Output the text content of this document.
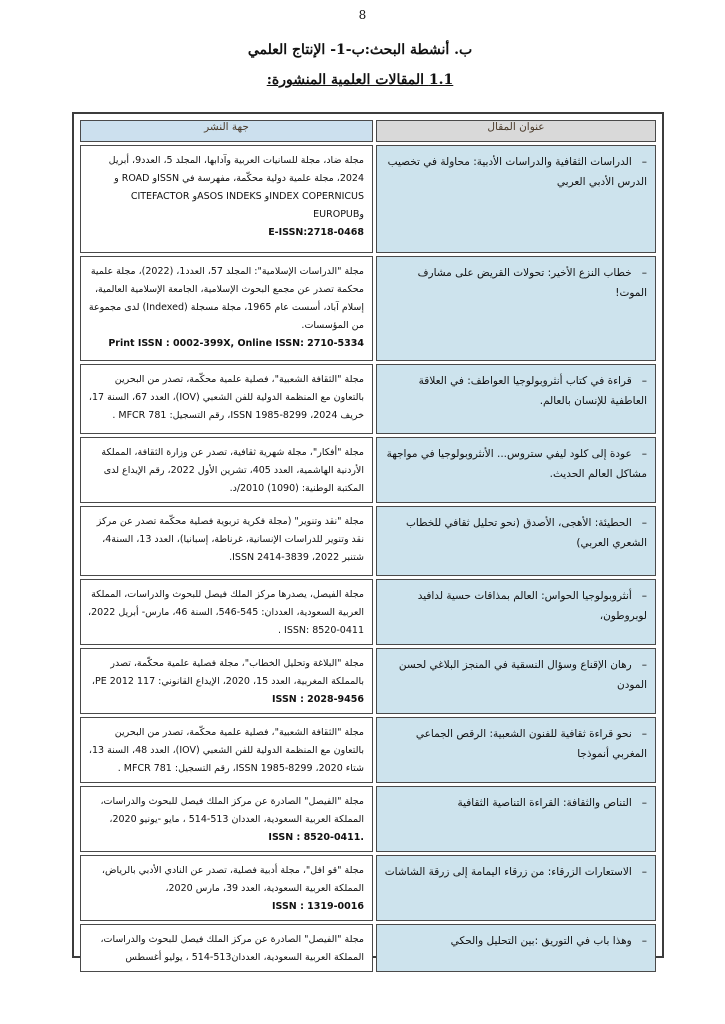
8
ب. أنشطة البحث:ب-1- الإنتاج العلمي
1.1 المقالات العلمية المنشورة:
عنوان المقال	جهة النشر
–الدراسات الثقافية والدراسات الأدبية: محاولة في تخصيب الدرس الأدبي العربي	مجلة ضاد، مجلة للسانيات العربية وآدابها، المجلد 5، العدد9، أبريل 2024، مجلة علمية دولية محكّمة، مفهرسة في ISSNو ROAD و INDEX COPERNICUSو ASOS INDEKSو CITEFACTOR وEUROPUB
E-ISSN:2718-0468

–خطاب النزع الأخير: تحولات القريض على مشارف الموت!	مجلة "الدراسات الإسلامية": المجلد 57، العدد1، (2022)، مجلة علمية محكمة تصدر عن مجمع البحوث الإسلامية، الجامعة الإسلامية العالمية، إسلام آباد، أسست عام 1965، مجلة مسجلة (Indexed) لدى مجموعة من المؤسسات.
Print ISSN : 0002-399X, Online ISSN: 2710-5334

–قراءة في كتاب أنثروبولوجيا العواطف: في العلاقة العاطفية للإنسان بالعالم.	مجلة "الثقافة الشعبية"، فصلية علمية محكّمة، تصدر من البحرين بالتعاون مع المنظمة الدولية للفن الشعبي (IOV)، العدد 67، السنة 17، خريف 2024، ISSN 1985-8299، رقم التسجيل: MFCR 781 .
–عودة إلى كلود ليفي ستروس... الأنثروبولوجيا في مواجهة مشاكل العالم الحديث.	مجلة "أفكار"، مجلة شهرية ثقافية، تصدر عن وزارة الثقافة، المملكة الأردنية الهاشمية، العدد 405، تشرين الأول 2022، رقم الإيداع لدى المكتبة الوطنية: (1090) 2010/د.
–الحطيئة: الأهجى، الأصدق (نحو تحليل ثقافي للخطاب الشعري العربي)	مجلة "نقد وتنوير" (مجلة فكرية تربوية فصلية محكّمة تصدر عن مركز نقد وتنوير للدراسات الإنسانية، غرناطة، إسبانيا)، العدد 13، السنة4، شتنبر 2022، ISSN 2414-3839.
–أنثروبولوجيا الحواس: العالم بمذاقات حسية لدافيد لوبروطون،	مجلة الفيصل، يصدرها مركز الملك فيصل للبحوث والدراسات، المملكة العربية السعودية، العددان: 545-546، السنة 46، مارس- أبريل 2022، ISSN: 8520-0411 .
–رهان الإقناع وسؤال النسقية في المنجز البلاغي لحسن المودن	مجلة "البلاغة وتحليل الخطاب"، مجلة فصلية علمية محكّمة، تصدر بالمملكة المغربية، العدد 15، 2020، الإيداع القانوني: 117 2012 PE،
ISSN : 2028-9456

–نحو قراءة ثقافية للفنون الشعبية: الرقص الجماعي المغربي أنموذجا	مجلة "الثقافة الشعبية"، فصلية علمية محكّمة، تصدر من البحرين بالتعاون مع المنظمة الدولية للفن الشعبي (IOV)، العدد 48، السنة 13، شتاء 2020، ISSN 1985-8299، رقم التسجيل: MFCR 781 .
–التناص والثقافة: القراءة التناصية الثقافية	مجلة "الفيصل" الصادرة عن مركز الملك فيصل للبحوث والدراسات، المملكة العربية السعودية، العددان 513-514 ، مايو -يونيو 2020،
ISSN : 8520-0411.

–الاستعارات الزرقاء: من زرقاء اليمامة إلى زرقة الشاشات	مجلة "قو افل"، مجلة أدبية فصلية، تصدر عن النادي الأدبي بالرياض، المملكة العربية السعودية، العدد 39، مارس 2020،
ISSN : 1319-0016

–وهذا باب في التوريق :بين التحليل والحكي	مجلة "الفيصل" الصادرة عن مركز الملك فيصل للبحوث والدراسات، المملكة العربية السعودية، العددان513-514 ، يوليو أغسطس
